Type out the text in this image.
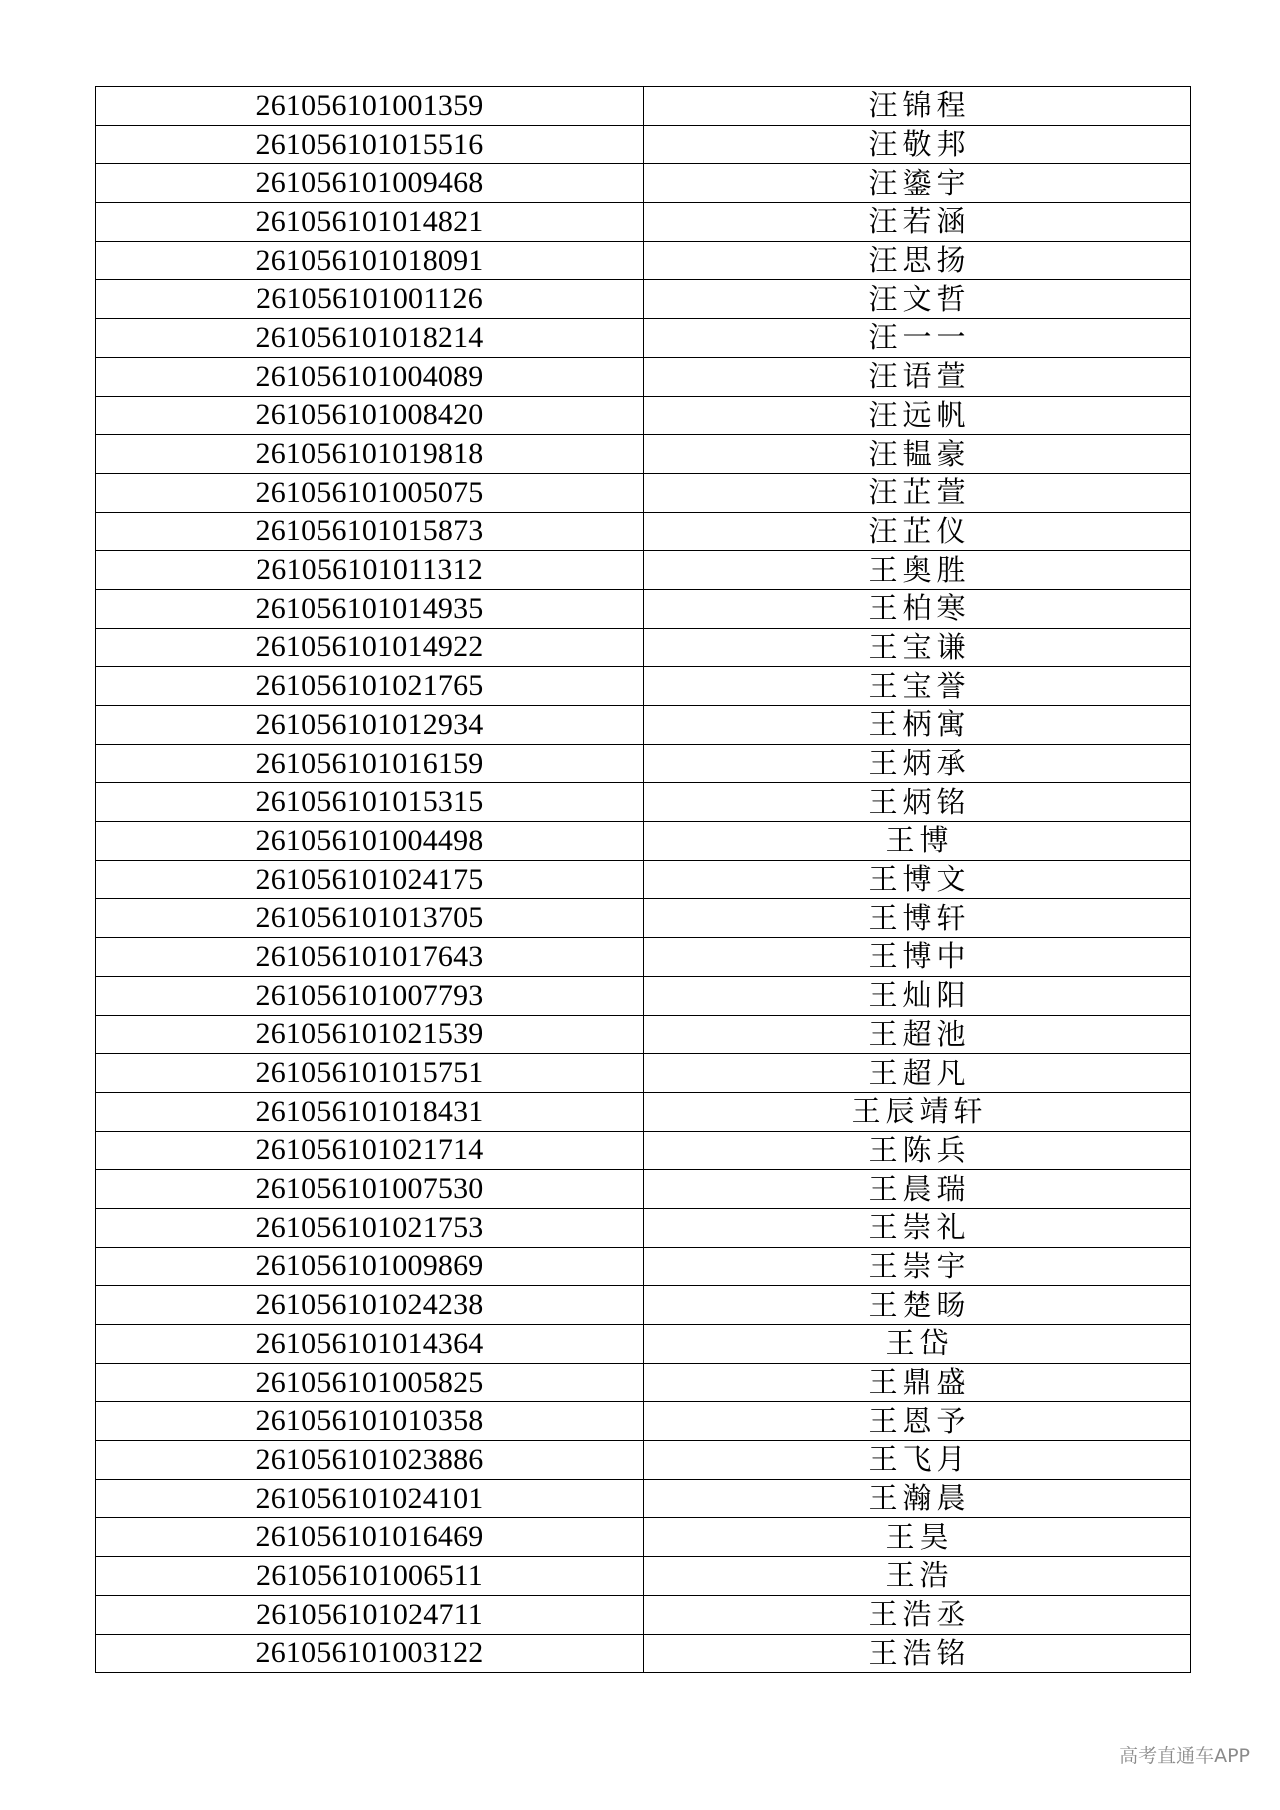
261056101001359	汪锦程
261056101015516	汪敬邦
261056101009468	汪鎏宇
261056101014821	汪若涵
261056101018091	汪思扬
261056101001126	汪文哲
261056101018214	汪一一
261056101004089	汪语萱
261056101008420	汪远帆
261056101019818	汪韫豪
261056101005075	汪芷萱
261056101015873	汪芷仪
261056101011312	王奥胜
261056101014935	王柏寒
261056101014922	王宝谦
261056101021765	王宝誉
261056101012934	王柄寓
261056101016159	王炳承
261056101015315	王炳铭
261056101004498	王博
261056101024175	王博文
261056101013705	王博轩
261056101017643	王博中
261056101007793	王灿阳
261056101021539	王超池
261056101015751	王超凡
261056101018431	王辰靖轩
261056101021714	王陈兵
261056101007530	王晨瑞
261056101021753	王崇礼
261056101009869	王崇宇
261056101024238	王楚旸
261056101014364	王岱
261056101005825	王鼎盛
261056101010358	王恩予
261056101023886	王飞月
261056101024101	王瀚晨
261056101016469	王昊
261056101006511	王浩
261056101024711	王浩丞
261056101003122	王浩铭
高考直通车APP
